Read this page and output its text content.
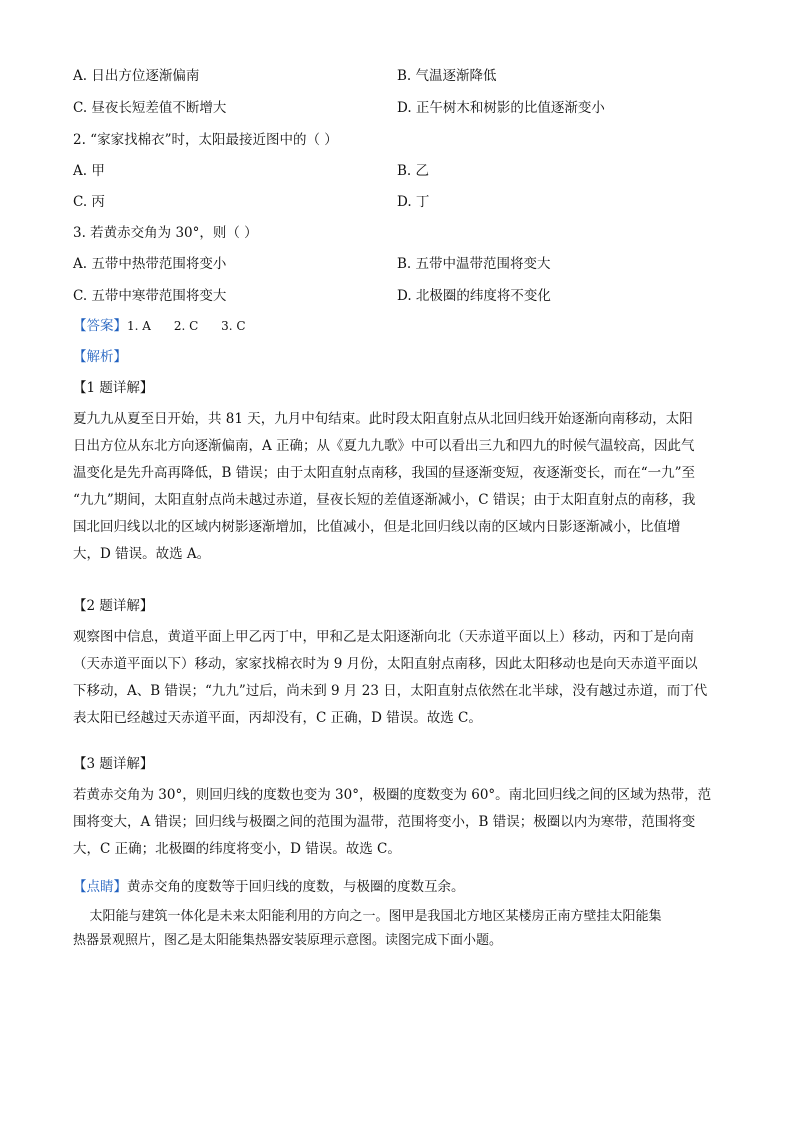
A. 日出方位逐渐偏南	B. 气温逐渐降低
C. 昼夜长短差值不断增大	D. 正午树木和树影的比值逐渐变小
2. “家家找棉衣”时，太阳最接近图中的（ ）
A. 甲	B. 乙
C. 丙	D. 丁
3. 若黄赤交角为 30°，则（ ）
A. 五带中热带范围将变小	B. 五带中温带范围将变大
C. 五带中寒带范围将变大	D. 北极圈的纬度将不变化
【答案】1. A      2. C      3. C
【解析】
【1 题详解】
夏九九从夏至日开始，共 81 天，九月中旬结束。此时段太阳直射点从北回归线开始逐渐向南移动，太阳
日出方位从东北方向逐渐偏南，A 正确；从《夏九九歌》中可以看出三九和四九的时候气温较高，因此气
温变化是先升高再降低，B 错误；由于太阳直射点南移，我国的昼逐渐变短，夜逐渐变长，而在“一九”至
“九九”期间，太阳直射点尚未越过赤道，昼夜长短的差值逐渐减小，C 错误；由于太阳直射点的南移，我
国北回归线以北的区域内树影逐渐增加，比值减小，但是北回归线以南的区域内日影逐渐减小，比值增
大，D 错误。故选 A。
【2 题详解】
观察图中信息，黄道平面上甲乙丙丁中，甲和乙是太阳逐渐向北（天赤道平面以上）移动，丙和丁是向南
（天赤道平面以下）移动，家家找棉衣时为 9 月份，太阳直射点南移，因此太阳移动也是向天赤道平面以
下移动，A、B 错误；“九九”过后，尚未到 9 月 23 日，太阳直射点依然在北半球，没有越过赤道，而丁代
表太阳已经越过天赤道平面，丙却没有，C 正确，D 错误。故选 C。
【3 题详解】
若黄赤交角为 30°，则回归线的度数也变为 30°，极圈的度数变为 60°。南北回归线之间的区域为热带，范
围将变大，A 错误；回归线与极圈之间的范围为温带，范围将变小，B 错误；极圈以内为寒带，范围将变
大，C 正确；北极圈的纬度将变小，D 错误。故选 C。
【点睛】黄赤交角的度数等于回归线的度数，与极圈的度数互余。
太阳能与建筑一体化是未来太阳能利用的方向之一。图甲是我国北方地区某楼房正南方壁挂太阳能集
热器景观照片，图乙是太阳能集热器安装原理示意图。读图完成下面小题。
